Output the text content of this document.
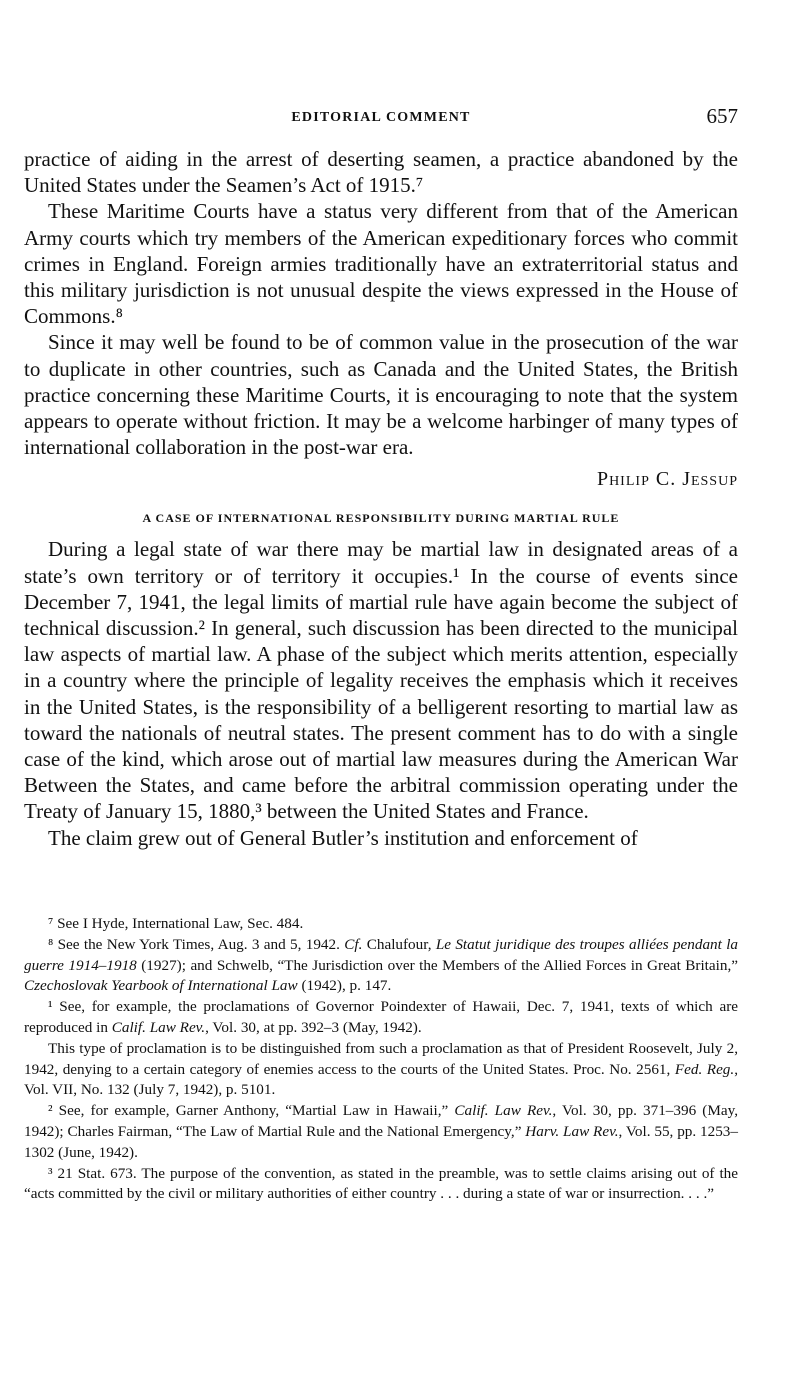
EDITORIAL COMMENT	657

practice of aiding in the arrest of deserting seamen, a practice abandoned by the United States under the Seamen’s Act of 1915.⁷

These Maritime Courts have a status very different from that of the American Army courts which try members of the American expeditionary forces who commit crimes in England. Foreign armies traditionally have an extraterritorial status and this military jurisdiction is not unusual despite the views expressed in the House of Commons.⁸

Since it may well be found to be of common value in the prosecution of the war to duplicate in other countries, such as Canada and the United States, the British practice concerning these Maritime Courts, it is encouraging to note that the system appears to operate without friction. It may be a welcome harbinger of many types of international collaboration in the post-war era.

Philip C. Jessup
A CASE OF INTERNATIONAL RESPONSIBILITY DURING MARTIAL RULE

During a legal state of war there may be martial law in designated areas of a state’s own territory or of territory it occupies.¹ In the course of events since December 7, 1941, the legal limits of martial rule have again become the subject of technical discussion.² In general, such discussion has been directed to the municipal law aspects of martial law. A phase of the subject which merits attention, especially in a country where the principle of legality receives the emphasis which it receives in the United States, is the responsibility of a belligerent resorting to martial law as toward the nationals of neutral states. The present comment has to do with a single case of the kind, which arose out of martial law measures during the American War Between the States, and came before the arbitral commission operating under the Treaty of January 15, 1880,³ between the United States and France.

The claim grew out of General Butler’s institution and enforcement of

⁷ See I Hyde, International Law, Sec. 484.

⁸ See the New York Times, Aug. 3 and 5, 1942. Cf. Chalufour, Le Statut juridique des troupes alliées pendant la guerre 1914–1918 (1927); and Schwelb, “The Jurisdiction over the Members of the Allied Forces in Great Britain,” Czechoslovak Yearbook of International Law (1942), p. 147.

¹ See, for example, the proclamations of Governor Poindexter of Hawaii, Dec. 7, 1941, texts of which are reproduced in Calif. Law Rev., Vol. 30, at pp. 392–3 (May, 1942).

This type of proclamation is to be distinguished from such a proclamation as that of President Roosevelt, July 2, 1942, denying to a certain category of enemies access to the courts of the United States. Proc. No. 2561, Fed. Reg., Vol. VII, No. 132 (July 7, 1942), p. 5101.

² See, for example, Garner Anthony, “Martial Law in Hawaii,” Calif. Law Rev., Vol. 30, pp. 371–396 (May, 1942); Charles Fairman, “The Law of Martial Rule and the National Emergency,” Harv. Law Rev., Vol. 55, pp. 1253–1302 (June, 1942).

³ 21 Stat. 673. The purpose of the convention, as stated in the preamble, was to settle claims arising out of the “acts committed by the civil or military authorities of either country . . . during a state of war or insurrection. . . .”
